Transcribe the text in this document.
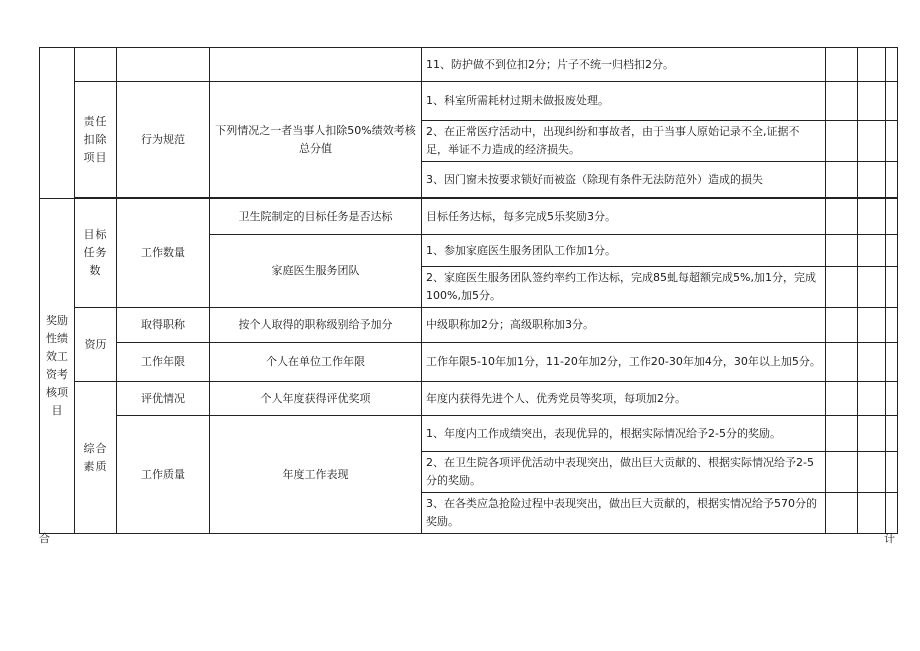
				11、防护做不到位扣2分；片子不统一归档扣2分。			
	责任扣除项目	行为规范	下列情况之一者当事人扣除50%绩效考核总分值	1、科室所需耗材过期未做报废处理。			
				2、在正常医疗活动中，出现纠纷和事故者，由于当事人原始记录不全,证据不足，举证不力造成的经济损失。			
				3、因门窗未按要求锁好而被盗（除现有条件无法防范外）造成的损失			

奖励性绩效工资考核项目	目标任务数	工作数量	卫生院制定的目标任务是否达标	目标任务达标，每多完成5乐奖励3分。			
			家庭医生服务团队	1、参加家庭医生服务团队工作加1分。			
				2、家庭医生服务团队签约率约工作达标，完成85虬每超额完成5%,加1分，完成100%,加5分。			
	资历	取得职称	按个人取得的职称级别给予加分	中级职称加2分；高级职称加3分。			
		工作年限	个人在单位工作年限	工作年限5-10年加1分，11-20年加2分，工作20-30年加4分，30年以上加5分。			
	综合素质	评优情况	个人年度获得评优奖项	年度内获得先进个人、优秀党员等奖项，每项加2分。			
		工作质量	年度工作表现	1、年度内工作成绩突出，表现优异的，根据实际情况给予2-5分的奖励。			
				2、在卫生院各项评优活动中表现突出，做出巨大贡献的、根据实际情况给予2-5分的奖励。			
				3、在各类应急抢险过程中表现突出，做出巨大贡献的，根据实情况给予570分的奖励。			
合	计
